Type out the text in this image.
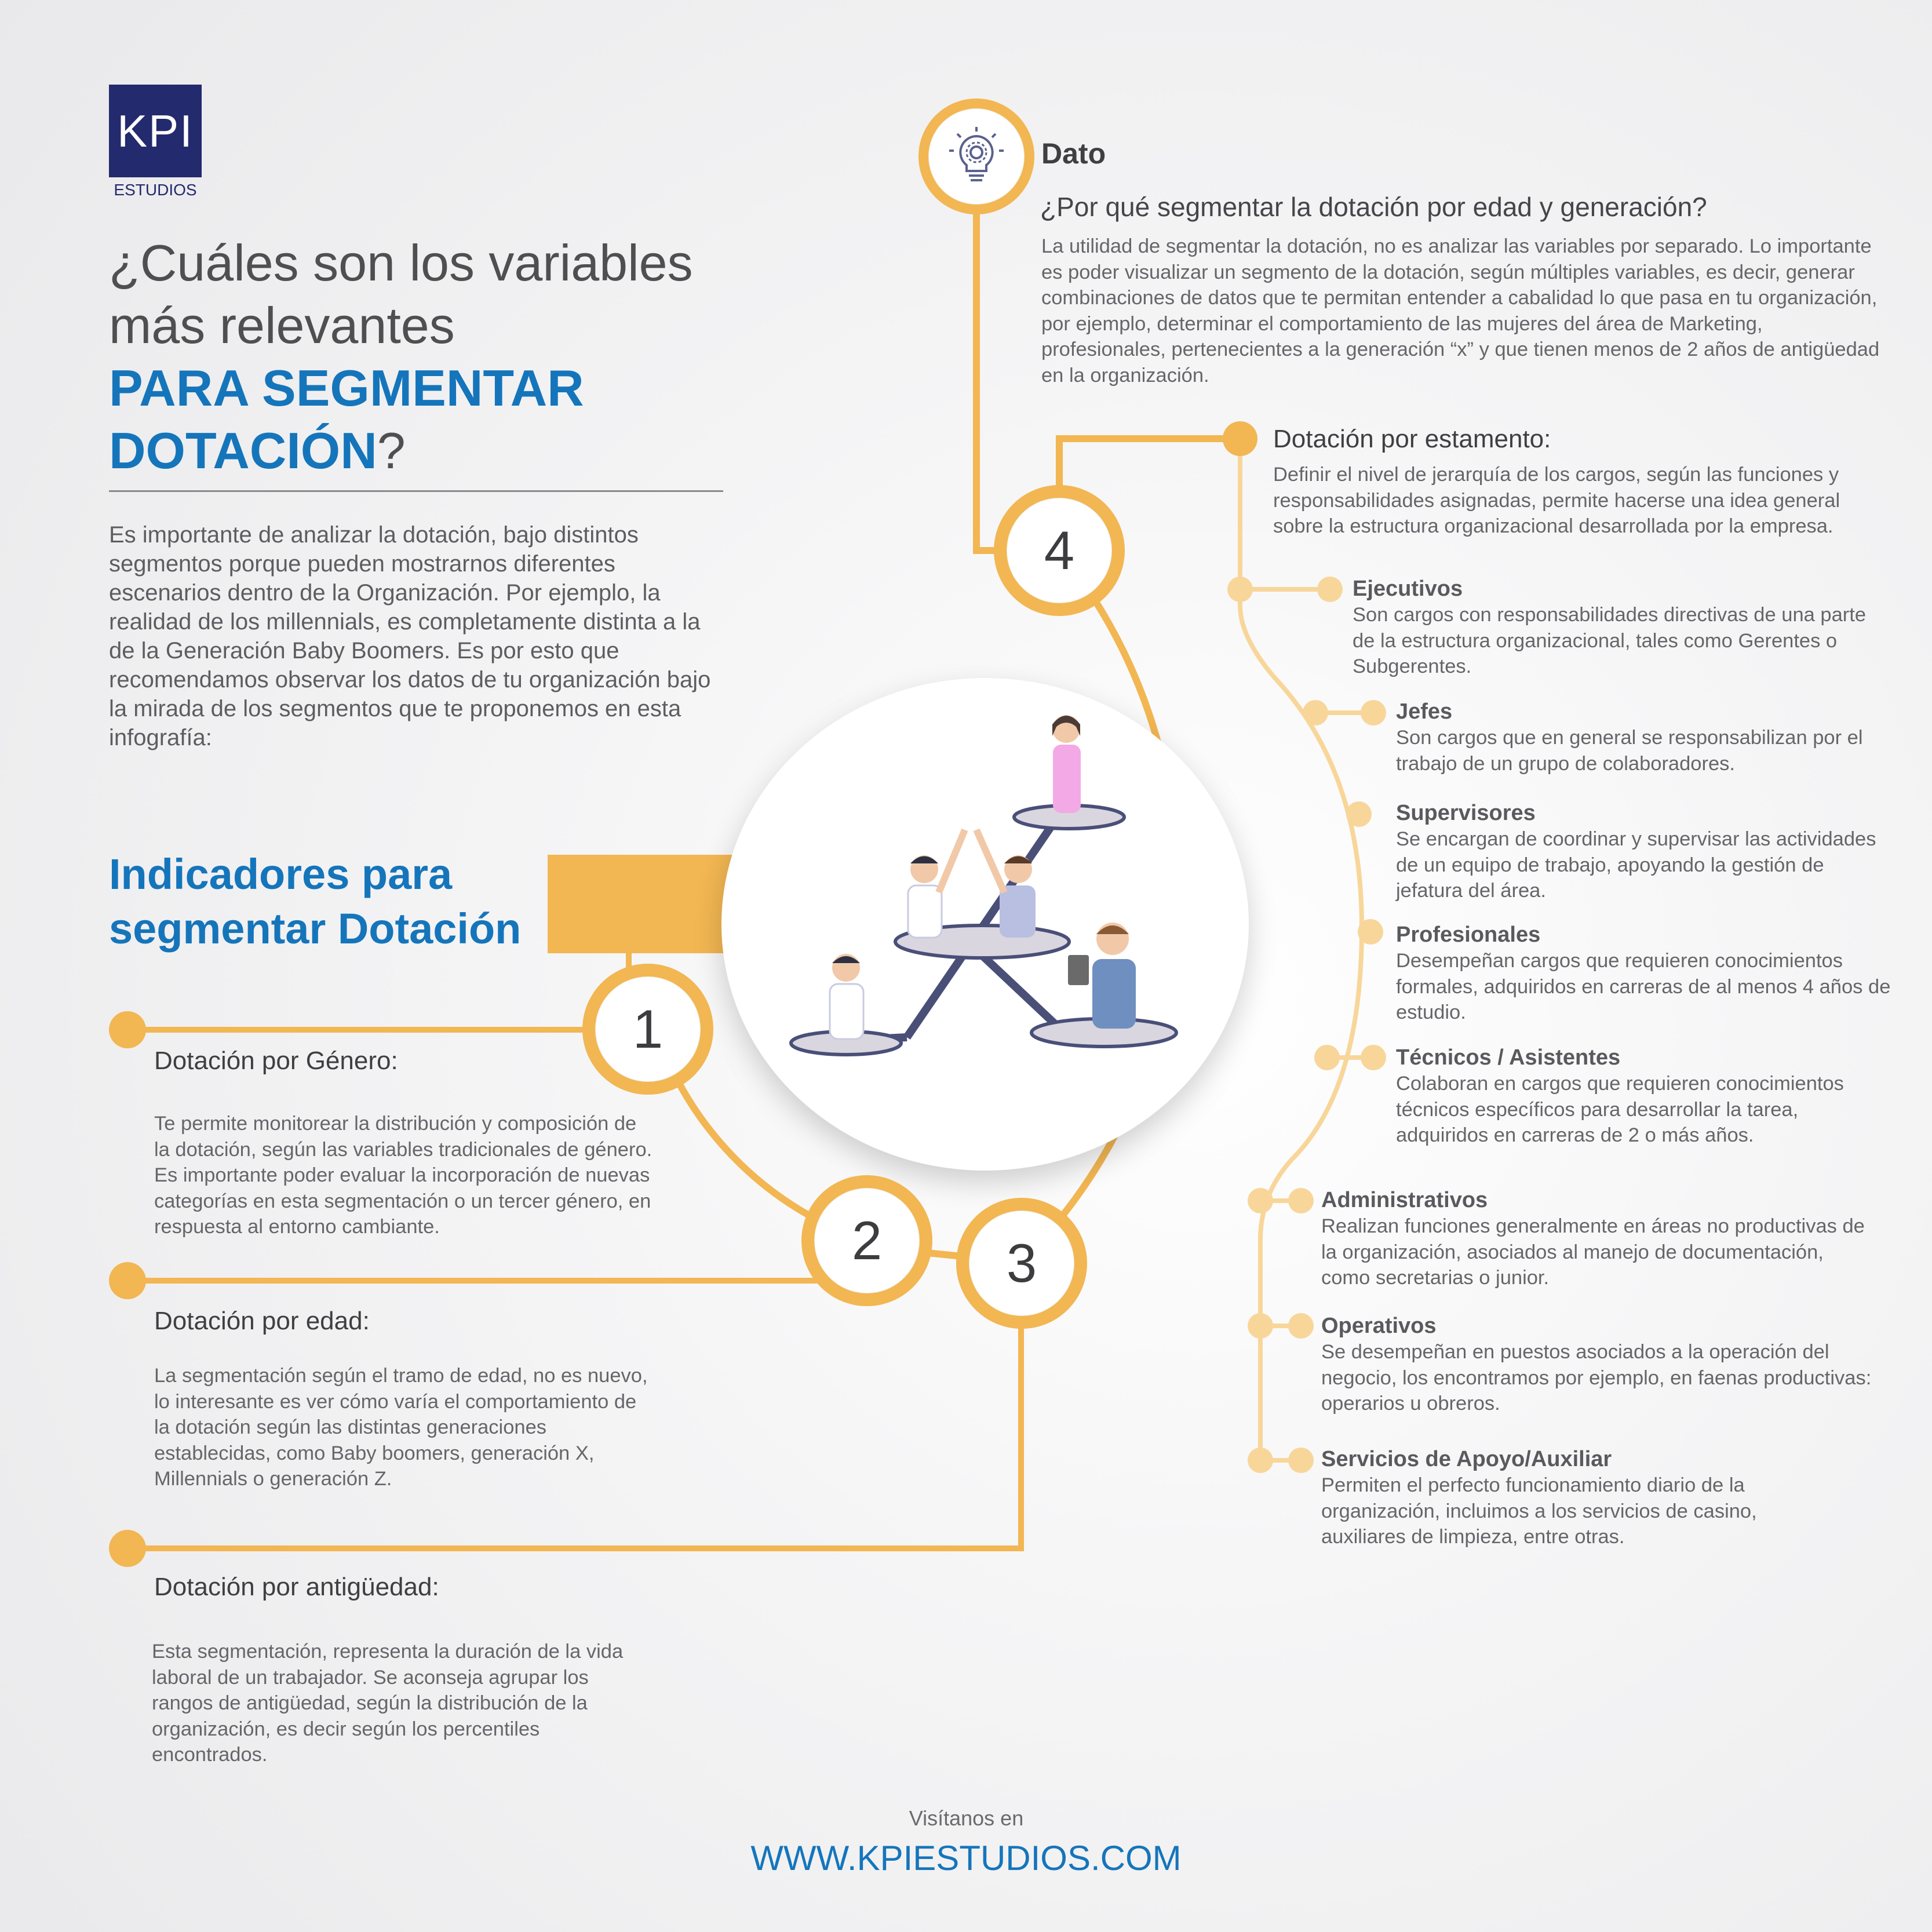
KPI
ESTUDIOS
¿Cuáles son los variables
más relevantes
PARA SEGMENTAR
DOTACIÓN?
Es importante de analizar la dotación, bajo distintos segmentos porque pueden mostrarnos diferentes escenarios dentro de la Organización. Por ejemplo, la realidad de los millennials, es completamente distinta a la de la Generación Baby Boomers. Es por esto que recomendamos observar los datos de tu organización bajo la mirada de los segmentos que te proponemos en esta infografía:
Indicadores para
segmentar Dotación
1
2	3
4
Dato
¿Por qué segmentar la dotación por edad y generación?
La utilidad de segmentar la dotación, no es analizar las variables por separado. Lo importante es poder visualizar un segmento de la dotación, según múltiples variables, es decir, generar combinaciones de datos que te permitan entender a cabalidad lo que pasa en tu organización, por ejemplo, determinar el comportamiento de las mujeres del área de Marketing, profesionales, pertenecientes a la generación “x” y que tienen menos de 2 años de antigüedad en la organización.
Dotación por estamento:
Definir el nivel de jerarquía de los cargos, según las funciones y responsabilidades asignadas, permite hacerse una idea general sobre la estructura organizacional desarrollada por la empresa.
Ejecutivos
Son cargos con responsabilidades directivas de una parte de la estructura organizacional, tales como Gerentes o Subgerentes.
Jefes
Son cargos que en general se responsabilizan por el trabajo de un grupo de colaboradores.
Supervisores
Se encargan de coordinar y supervisar las actividades de un equipo de trabajo, apoyando la gestión de jefatura del área.
Profesionales
Desempeñan cargos que requieren conocimientos formales, adquiridos en carreras de al menos 4 años de estudio.
Técnicos / Asistentes
Colaboran en cargos que requieren conocimientos técnicos específicos para desarrollar la tarea, adquiridos en carreras de 2 o más años.
Administrativos
Realizan funciones generalmente en áreas no productivas de la organización, asociados al manejo de documentación, como secretarias o junior.
Operativos
Se desempeñan en puestos asociados a la operación del negocio, los encontramos por ejemplo, en faenas productivas: operarios u obreros.
Servicios de Apoyo/Auxiliar
Permiten el perfecto funcionamiento diario de la organización, incluimos a los servicios de casino, auxiliares de limpieza, entre otras.
Dotación por Género:
Te permite monitorear la distribución y composición de la dotación, según las variables tradicionales de género. Es importante poder evaluar la incorporación de nuevas categorías en esta segmentación o un tercer género, en respuesta al entorno cambiante.
Dotación por edad:
La segmentación según el tramo de edad, no es nuevo, lo interesante es ver cómo varía el comportamiento de la dotación según las distintas generaciones establecidas, como Baby boomers, generación X, Millennials o generación Z.
Dotación por antigüedad:
Esta segmentación, representa la duración de la vida laboral de un trabajador. Se aconseja agrupar los rangos de antigüedad, según la distribución de la organización, es decir según los percentiles encontrados.
Visítanos en
WWW.KPIESTUDIOS.COM
